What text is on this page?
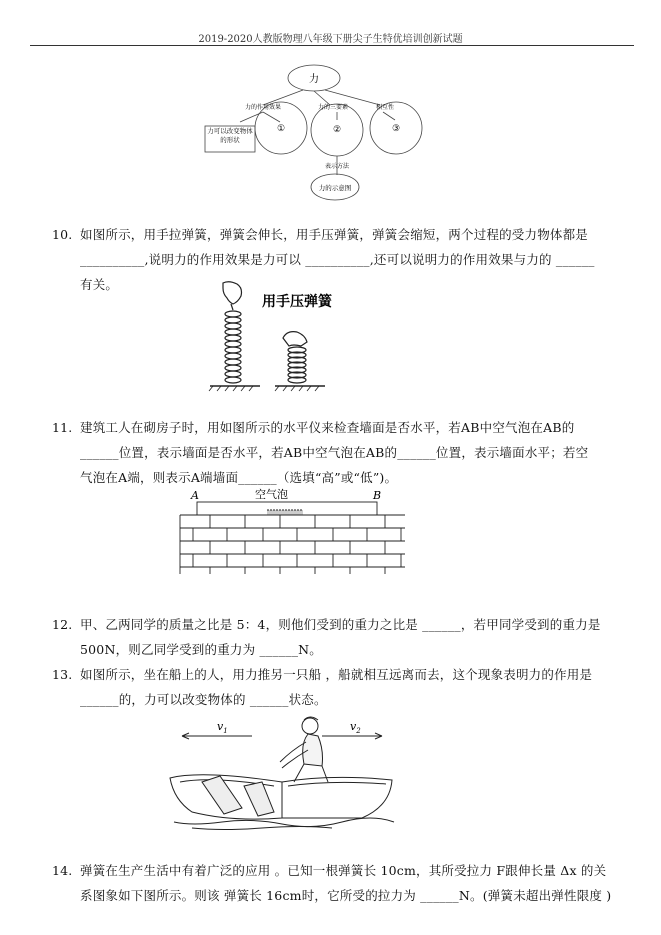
2019-2020人教版物理八年级下册尖子生特优培训创新试题
力
力的作用效果	力的三要素	相互性
力可以改变物体的形状
①	②	③
表示方法
力的示意图
10. 如图所示，用手拉弹簧，弹簧会伸长，用手压弹簧，弹簧会缩短，两个过程的受力物体都是
__________,说明力的作用效果是力可以 __________,还可以说明力的作用效果与力的 ______
有关。
用手压弹簧
11. 建筑工人在砌房子时，用如图所示的水平仪来检查墙面是否水平，若AB中空气泡在AB的
______位置，表示墙面是否水平，若AB中空气泡在AB的______位置，表示墙面水平；若空
气泡在A端，则表示A端墙面______（选填“高”或“低”)。
A	B
空气泡
12. 甲、乙两同学的质量之比是 5：4，则他们受到的重力之比是 ______，若甲同学受到的重力是
500N，则乙同学受到的重力为 ______N。
13. 如图所示，坐在船上的人，用力推另一只船 ，船就相互远离而去，这个现象表明力的作用是
______的，力可以改变物体的 ______状态。
$v_1$	$v_2$
14. 弹簧在生产生活中有着广泛的应用 。已知一根弹簧长 10cm，其所受拉力 F跟伸长量 Δx 的关
系图象如下图所示。则该 弹簧长 16cm时，它所受的拉力为 ______N。(弹簧未超出弹性限度 )
